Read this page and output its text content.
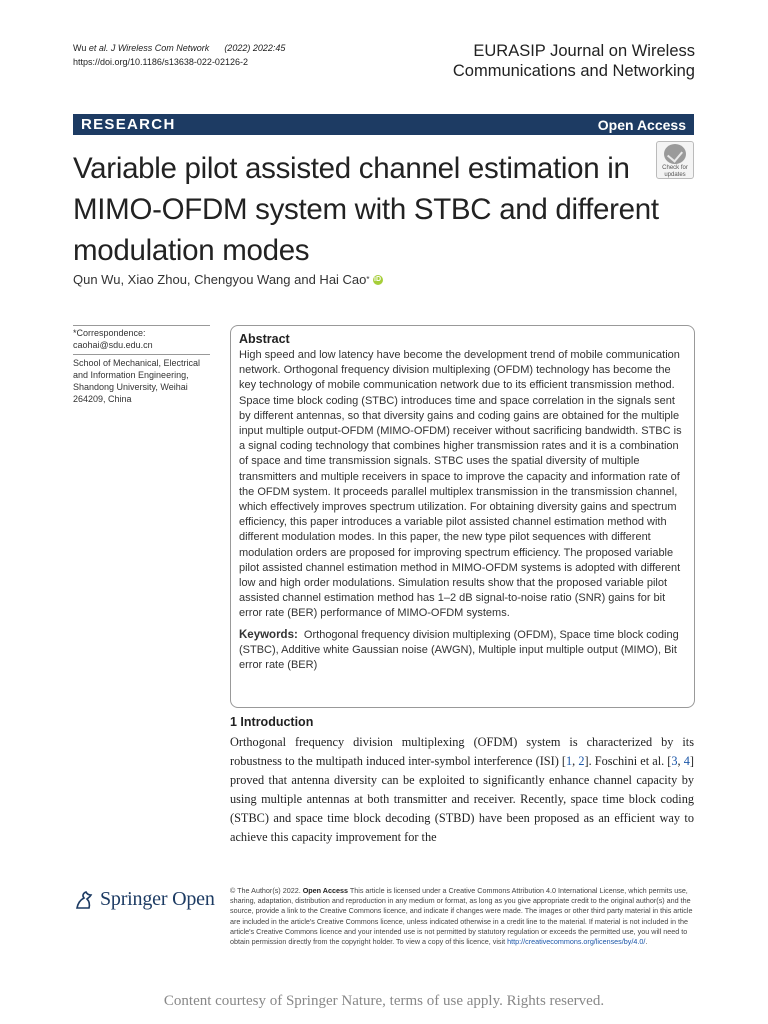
Wu et al. J Wireless Com Network (2022) 2022:45
https://doi.org/10.1186/s13638-022-02126-2
EURASIP Journal on Wireless
Communications and Networking
RESEARCH	Open Access
Variable pilot assisted channel estimation in MIMO-OFDM system with STBC and different modulation modes
Check for
updates
Qun Wu, Xiao Zhou, Chengyou Wang and Hai Cao * iD
*Correspondence:
caohai@sdu.edu.cn
School of Mechanical, Electrical and Information Engineering, Shandong University, Weihai 264209, China
Abstract
High speed and low latency have become the development trend of mobile communication network. Orthogonal frequency division multiplexing (OFDM) technology has become the key technology of mobile communication network due to its efficient transmission method. Space time block coding (STBC) introduces time and space correlation in the signals sent by different antennas, so that diversity gains and coding gains are obtained for the multiple input multiple output-OFDM (MIMO-OFDM) receiver without sacrificing bandwidth. STBC is a signal coding technology that combines higher transmission rates and it is a combination of space and time transmission signals. STBC uses the spatial diversity of multiple transmitters and multiple receivers in space to improve the capacity and information rate of the OFDM system. It proceeds parallel multiplex transmission in the transmission channel, which effectively improves spectrum utilization. For obtaining diversity gains and spectrum efficiency, this paper introduces a variable pilot assisted channel estimation method with different modulation modes. In this paper, the new type pilot sequences with different modulation orders are proposed for improving spectrum efficiency. The proposed variable pilot assisted channel estimation method in MIMO-OFDM systems is adopted with different low and high order modulations. Simulation results show that the proposed variable pilot assisted channel estimation method has 1–2 dB signal-to-noise ratio (SNR) gains for bit error rate (BER) performance of MIMO-OFDM systems.
Keywords: Orthogonal frequency division multiplexing (OFDM), Space time block coding (STBC), Additive white Gaussian noise (AWGN), Multiple input multiple output (MIMO), Bit error rate (BER)
1 Introduction
Orthogonal frequency division multiplexing (OFDM) system is characterized by its robustness to the multipath induced inter-symbol interference (ISI) [1, 2]. Foschini et al. [3, 4] proved that antenna diversity can be exploited to significantly enhance channel capacity by using multiple antennas at both transmitter and receiver. Recently, space time block coding (STBC) and space time block decoding (STBD) have been proposed as an efficient way to achieve this capacity improvement for the
Springer Open © The Author(s) 2022. Open Access This article is licensed under a Creative Commons Attribution 4.0 International License, which permits use, sharing, adaptation, distribution and reproduction in any medium or format, as long as you give appropriate credit to the original author(s) and the source, provide a link to the Creative Commons licence, and indicate if changes were made. The images or other third party material in this article are included in the article's Creative Commons licence, unless indicated otherwise in a credit line to the material. If material is not included in the article's Creative Commons licence and your intended use is not permitted by statutory regulation or exceeds the permitted use, you will need to obtain permission directly from the copyright holder. To view a copy of this licence, visit http://creativecommons.org/licenses/by/4.0/.
Content courtesy of Springer Nature, terms of use apply. Rights reserved.
